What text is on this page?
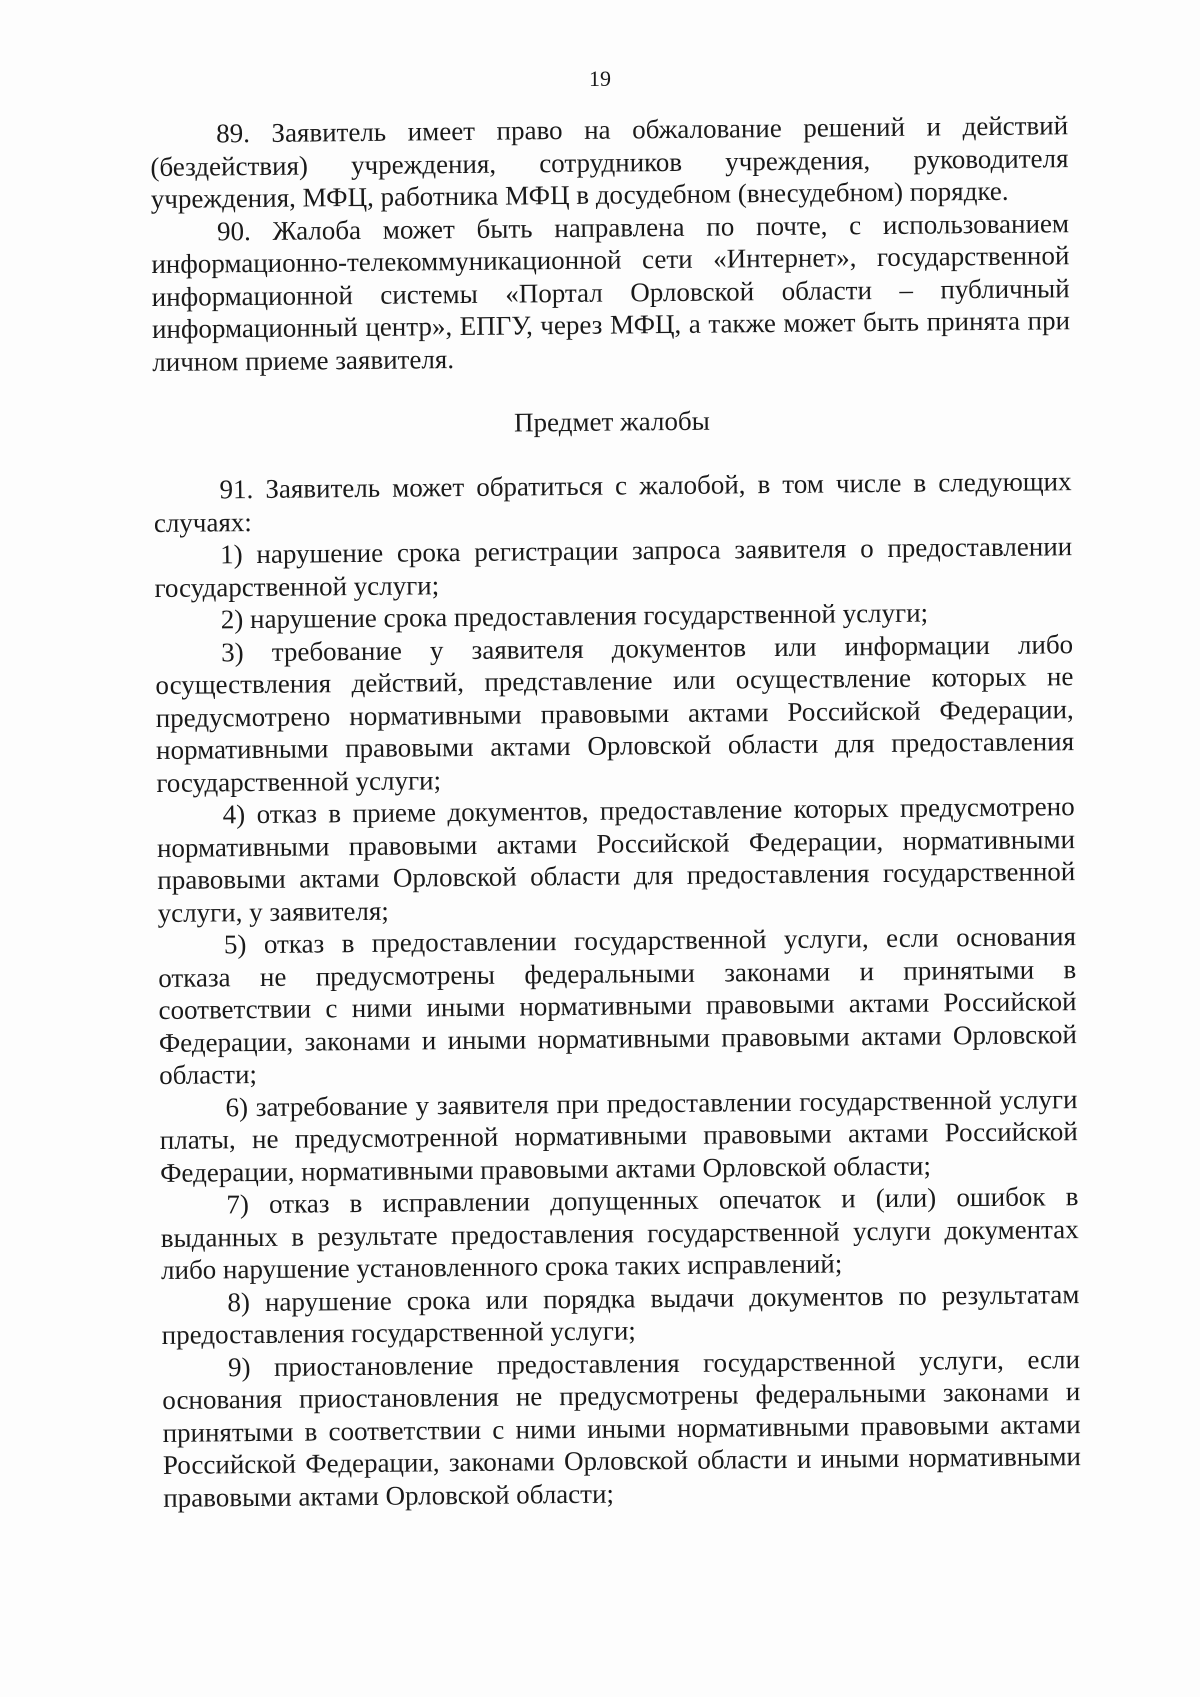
19

89. Заявитель имеет право на обжалование решений и действий (бездействия) учреждения, сотрудников учреждения, руководителя учреждения, МФЦ, работника МФЦ в досудебном (внесудебном) порядке.

90. Жалоба может быть направлена по почте, с использованием информационно-телекоммуникационной сети «Интернет», государственной информационной системы «Портал Орловской области – публичный информационный центр», ЕПГУ, через МФЦ, а также может быть принята при личном приеме заявителя.

Предмет жалобы

91. Заявитель может обратиться с жалобой, в том числе в следующих случаях:

1) нарушение срока регистрации запроса заявителя о предоставлении государственной услуги;

2) нарушение срока предоставления государственной услуги;

3) требование у заявителя документов или информации либо осуществления действий, представление или осуществление которых не предусмотрено нормативными правовыми актами Российской Федерации, нормативными правовыми актами Орловской области для предоставления государственной услуги;

4) отказ в приеме документов, предоставление которых предусмотрено нормативными правовыми актами Российской Федерации, нормативными правовыми актами Орловской области для предоставления государственной услуги, у заявителя;

5) отказ в предоставлении государственной услуги, если основания отказа не предусмотрены федеральными законами и принятыми в соответствии с ними иными нормативными правовыми актами Российской Федерации, законами и иными нормативными правовыми актами Орловской области;

6) затребование у заявителя при предоставлении государственной услуги платы, не предусмотренной нормативными правовыми актами Российской Федерации, нормативными правовыми актами Орловской области;

7) отказ в исправлении допущенных опечаток и (или) ошибок в выданных в результате предоставления государственной услуги документах либо нарушение установленного срока таких исправлений;

8) нарушение срока или порядка выдачи документов по результатам предоставления государственной услуги;

9) приостановление предоставления государственной услуги, если основания приостановления не предусмотрены федеральными законами и принятыми в соответствии с ними иными нормативными правовыми актами Российской Федерации, законами Орловской области и иными нормативными правовыми актами Орловской области;
